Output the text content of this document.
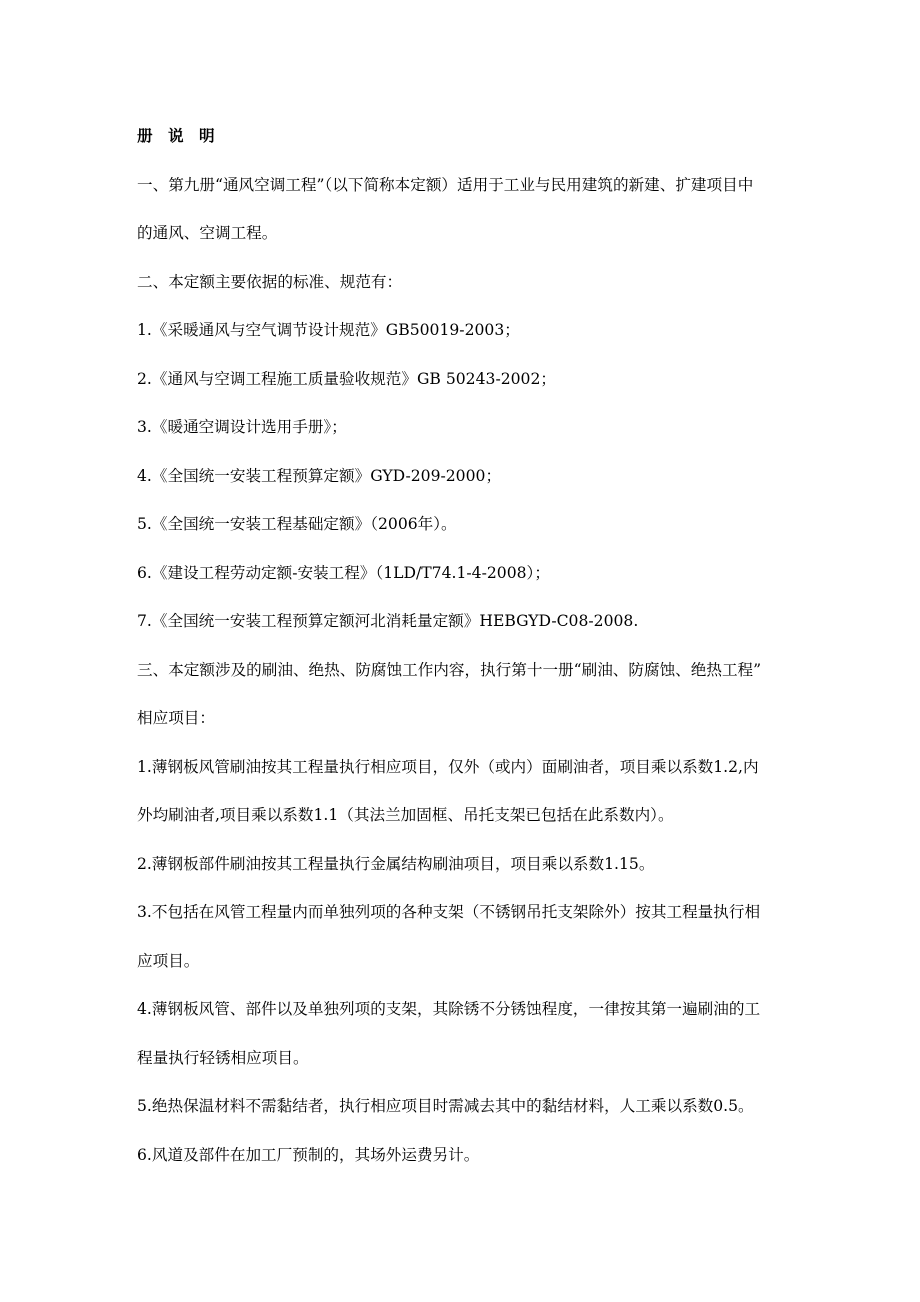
册 说 明
一、第九册“通风空调工程”（以下简称本定额）适用于工业与民用建筑的新建、扩建项目中
的通风、空调工程。
二、本定额主要依据的标准、规范有：
1.《采暖通风与空气调节设计规范》GB50019-2003；
2.《通风与空调工程施工质量验收规范》GB 50243-2002；
3.《暖通空调设计选用手册》；
4.《全国统一安装工程预算定额》GYD-209-2000；
5.《全国统一安装工程基础定额》（2006年）。
6.《建设工程劳动定额-安装工程》（1LD/T74.1-4-2008）；
7.《全国统一安装工程预算定额河北消耗量定额》HEBGYD-C08-2008.
三、本定额涉及的刷油、绝热、防腐蚀工作内容，执行第十一册“刷油、防腐蚀、绝热工程”
相应项目：
1.薄钢板风管刷油按其工程量执行相应项目，仅外（或内）面刷油者，项目乘以系数1.2,内
外均刷油者,项目乘以系数1.1（其法兰加固框、吊托支架已包括在此系数内）。
2.薄钢板部件刷油按其工程量执行金属结构刷油项目，项目乘以系数1.15。
3.不包括在风管工程量内而单独列项的各种支架（不锈钢吊托支架除外）按其工程量执行相
应项目。
4.薄钢板风管、部件以及单独列项的支架，其除锈不分锈蚀程度，一律按其第一遍刷油的工
程量执行轻锈相应项目。
5.绝热保温材料不需黏结者，执行相应项目时需减去其中的黏结材料，人工乘以系数0.5。
6.风道及部件在加工厂预制的，其场外运费另计。
